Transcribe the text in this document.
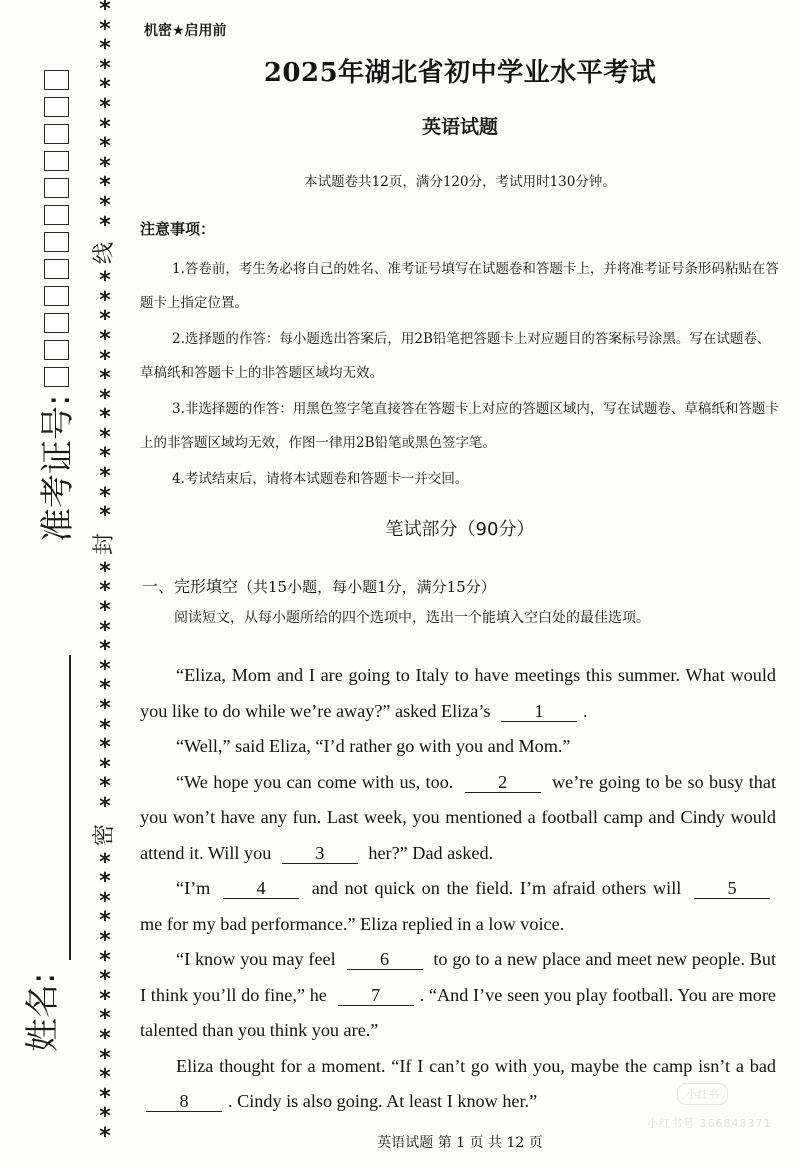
准考证号:
姓名:
*
*
*
*
*
*
*
*
*
*
*
*
线
*
*
*
*
*
*
*
*
*
*
*
*
*
封
*
*
*
*
*
*
*
*
*
*
*
*
*
密
*
*
*
*
*
*
*
*
*
*
*
*
*
*
*
机密★启用前
2025年湖北省初中学业水平考试
英语试题
本试题卷共12页，满分120分，考试用时130分钟。
注意事项：
1.答卷前，考生务必将自己的姓名、准考证号填写在试题卷和答题卡上，并将准考证号条形码粘贴在答题卡上指定位置。
2.选择题的作答：每小题选出答案后，用2B铅笔把答题卡上对应题目的答案标号涂黑。写在试题卷、草稿纸和答题卡上的非答题区域均无效。
3.非选择题的作答：用黑色签字笔直接答在答题卡上对应的答题区域内，写在试题卷、草稿纸和答题卡上的非答题区域均无效，作图一律用2B铅笔或黑色签字笔。
4.考试结束后，请将本试题卷和答题卡一并交回。
笔试部分（90分）
一、完形填空（共15小题，每小题1分，满分15分）
阅读短文，从每小题所给的四个选项中，选出一个能填入空白处的最佳选项。

“Eliza, Mom and I are going to Italy to have meetings this summer. What would you like to do while we’re away?” asked Eliza’s 1 .

“Well,” said Eliza, “I’d rather go with you and Mom.”

“We hope you can come with us, too. 2 we’re going to be so busy that you won’t have any fun. Last week, you mentioned a football camp and Cindy would attend it. Will you 3 her?” Dad asked.

“I’m	4	and not quick on the field. I’m afraid others will	5 me for my bad performance.” Eliza replied in a low voice.

“I know you may feel 6 to go to a new place and meet new people. But I think you’ll do fine,” he 7 . “And I’ve seen you play football. You are more talented than you think you are.”

Eliza thought for a moment. “If I can’t go with you, maybe the camp isn’t a bad 8 . Cindy is also going. At least I know her.”

英语试题 第 1 页 共 12 页
小红书
小红书号 366848371
